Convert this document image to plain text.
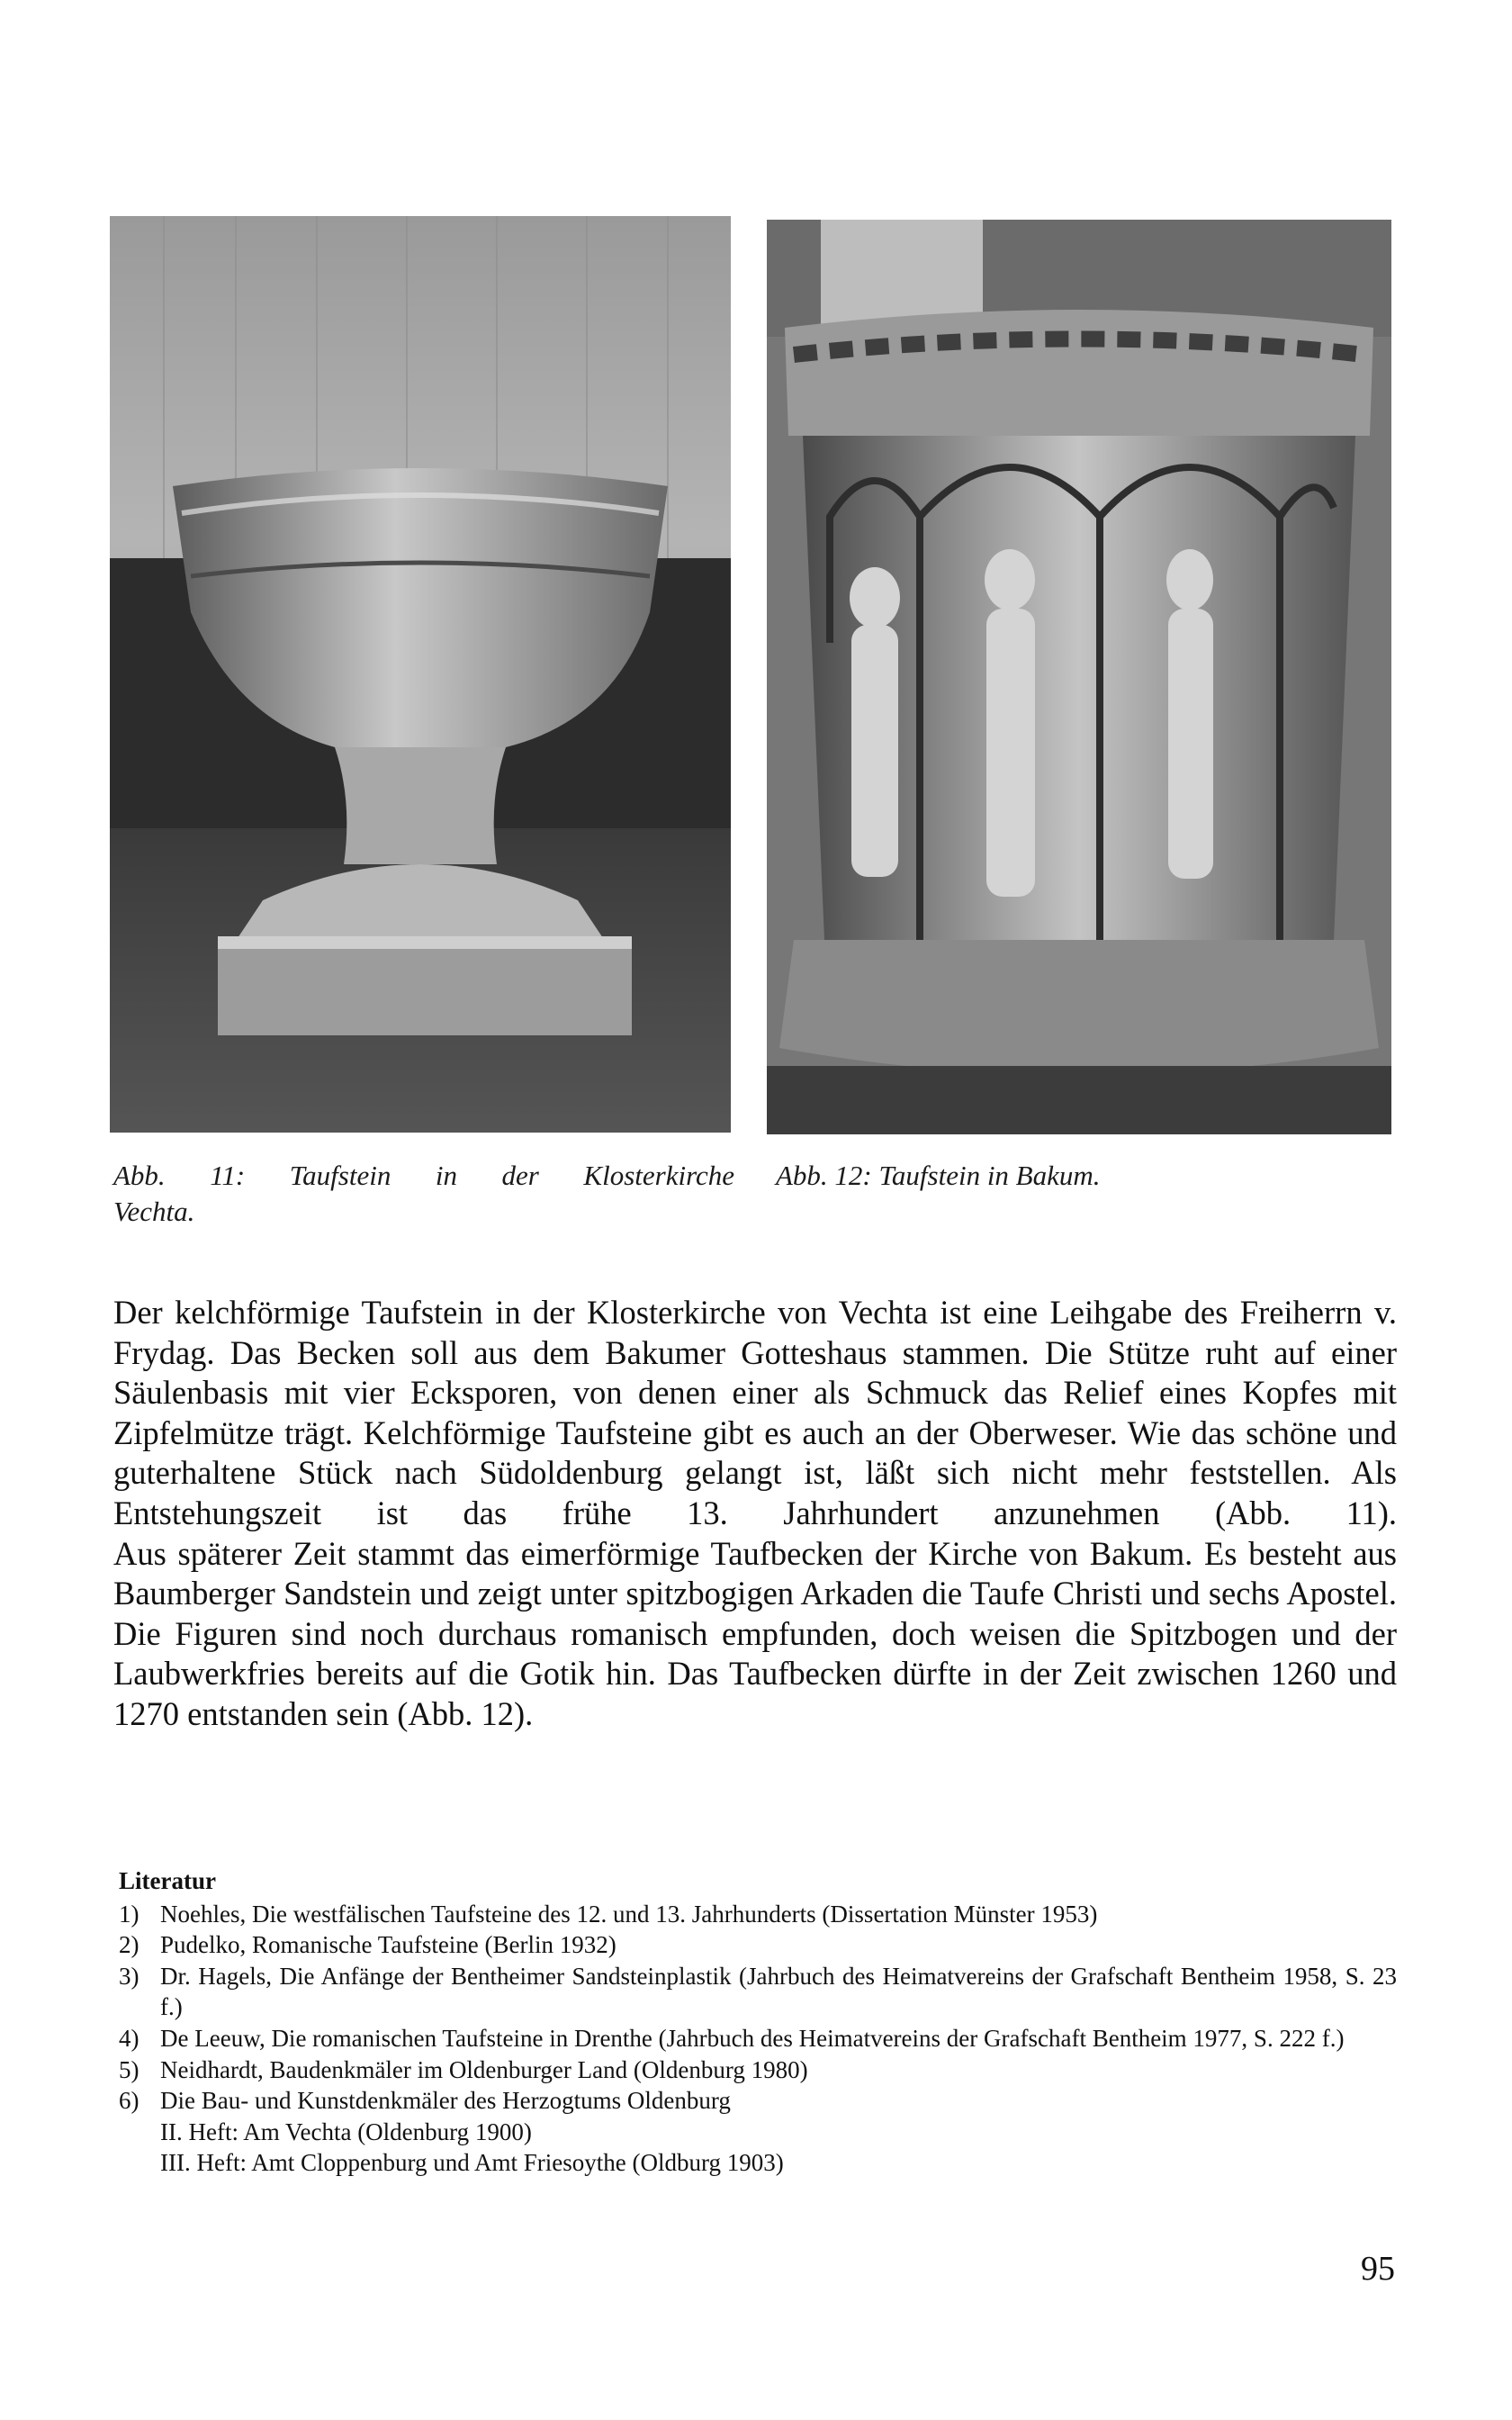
Abb. 11: Taufstein in der Klosterkirche
Vechta.
Abb. 12: Taufstein in Bakum.

Der kelchförmige Taufstein in der Klosterkirche von Vechta ist eine Leihgabe des Freiherrn v. Frydag. Das Becken soll aus dem Bakumer Gotteshaus stammen. Die Stütze ruht auf einer Säulenbasis mit vier Ecksporen, von denen einer als Schmuck das Relief eines Kopfes mit Zipfelmütze trägt. Kelchförmige Taufsteine gibt es auch an der Oberweser. Wie das schöne und guterhaltene Stück nach Südoldenburg gelangt ist, läßt sich nicht mehr feststellen. Als Entstehungszeit ist das frühe 13. Jahrhundert anzunehmen (Abb. 11).

Aus späterer Zeit stammt das eimerförmige Taufbecken der Kirche von Bakum. Es besteht aus Baumberger Sandstein und zeigt unter spitzbogigen Arkaden die Taufe Christi und sechs Apostel. Die Figuren sind noch durchaus romanisch empfunden, doch weisen die Spitzbogen und der Laubwerkfries bereits auf die Gotik hin. Das Taufbecken dürfte in der Zeit zwischen 1260 und 1270 entstanden sein (Abb. 12).

Literatur
1) Noehles, Die westfälischen Taufsteine des 12. und 13. Jahrhunderts (Dissertation Münster 1953)
2) Pudelko, Romanische Taufsteine (Berlin 1932)
3) Dr. Hagels, Die Anfänge der Bentheimer Sandsteinplastik (Jahrbuch des Heimatvereins der Grafschaft Bentheim 1958, S. 23 f.)
4) De Leeuw, Die romanischen Taufsteine in Drenthe (Jahrbuch des Heimatvereins der Grafschaft Bentheim 1977, S. 222 f.)
5) Neidhardt, Baudenkmäler im Oldenburger Land (Oldenburg 1980)
6) Die Bau- und Kunstdenkmäler des Herzogtums Oldenburg
II. Heft: Am Vechta (Oldenburg 1900)
III. Heft: Amt Cloppenburg und Amt Friesoythe (Oldburg 1903)
95
